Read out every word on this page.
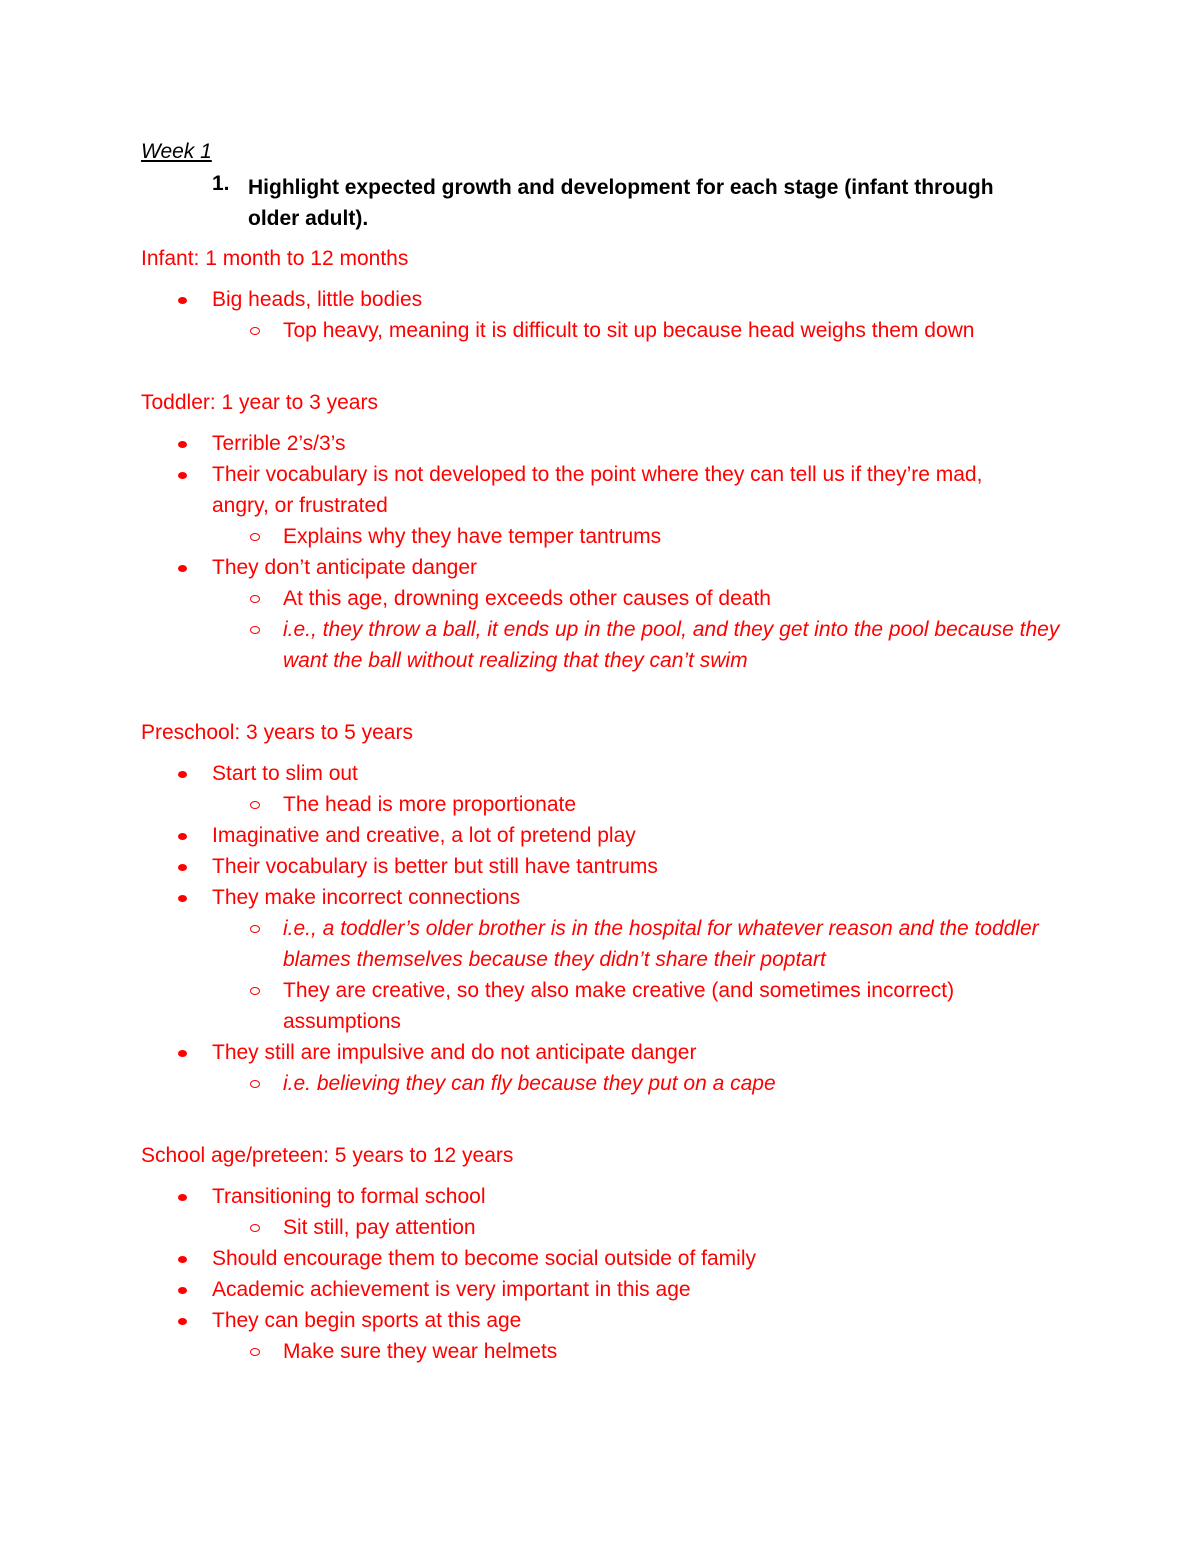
Week 1
1. Highlight expected growth and development for each stage (infant through older adult).
Infant: 1 month to 12 months
Big heads, little bodies
Top heavy, meaning it is difficult to sit up because head weighs them down
Toddler: 1 year to 3 years
Terrible 2’s/3’s
Their vocabulary is not developed to the point where they can tell us if they’re mad, angry, or frustrated
Explains why they have temper tantrums
They don’t anticipate danger
At this age, drowning exceeds other causes of death
i.e., they throw a ball, it ends up in the pool, and they get into the pool because they want the ball without realizing that they can’t swim
Preschool: 3 years to 5 years
Start to slim out
The head is more proportionate
Imaginative and creative, a lot of pretend play
Their vocabulary is better but still have tantrums
They make incorrect connections
i.e., a toddler’s older brother is in the hospital for whatever reason and the toddler blames themselves because they didn’t share their poptart
They are creative, so they also make creative (and sometimes incorrect) assumptions
They still are impulsive and do not anticipate danger
i.e. believing they can fly because they put on a cape
School age/preteen: 5 years to 12 years
Transitioning to formal school
Sit still, pay attention
Should encourage them to become social outside of family
Academic achievement is very important in this age
They can begin sports at this age
Make sure they wear helmets
